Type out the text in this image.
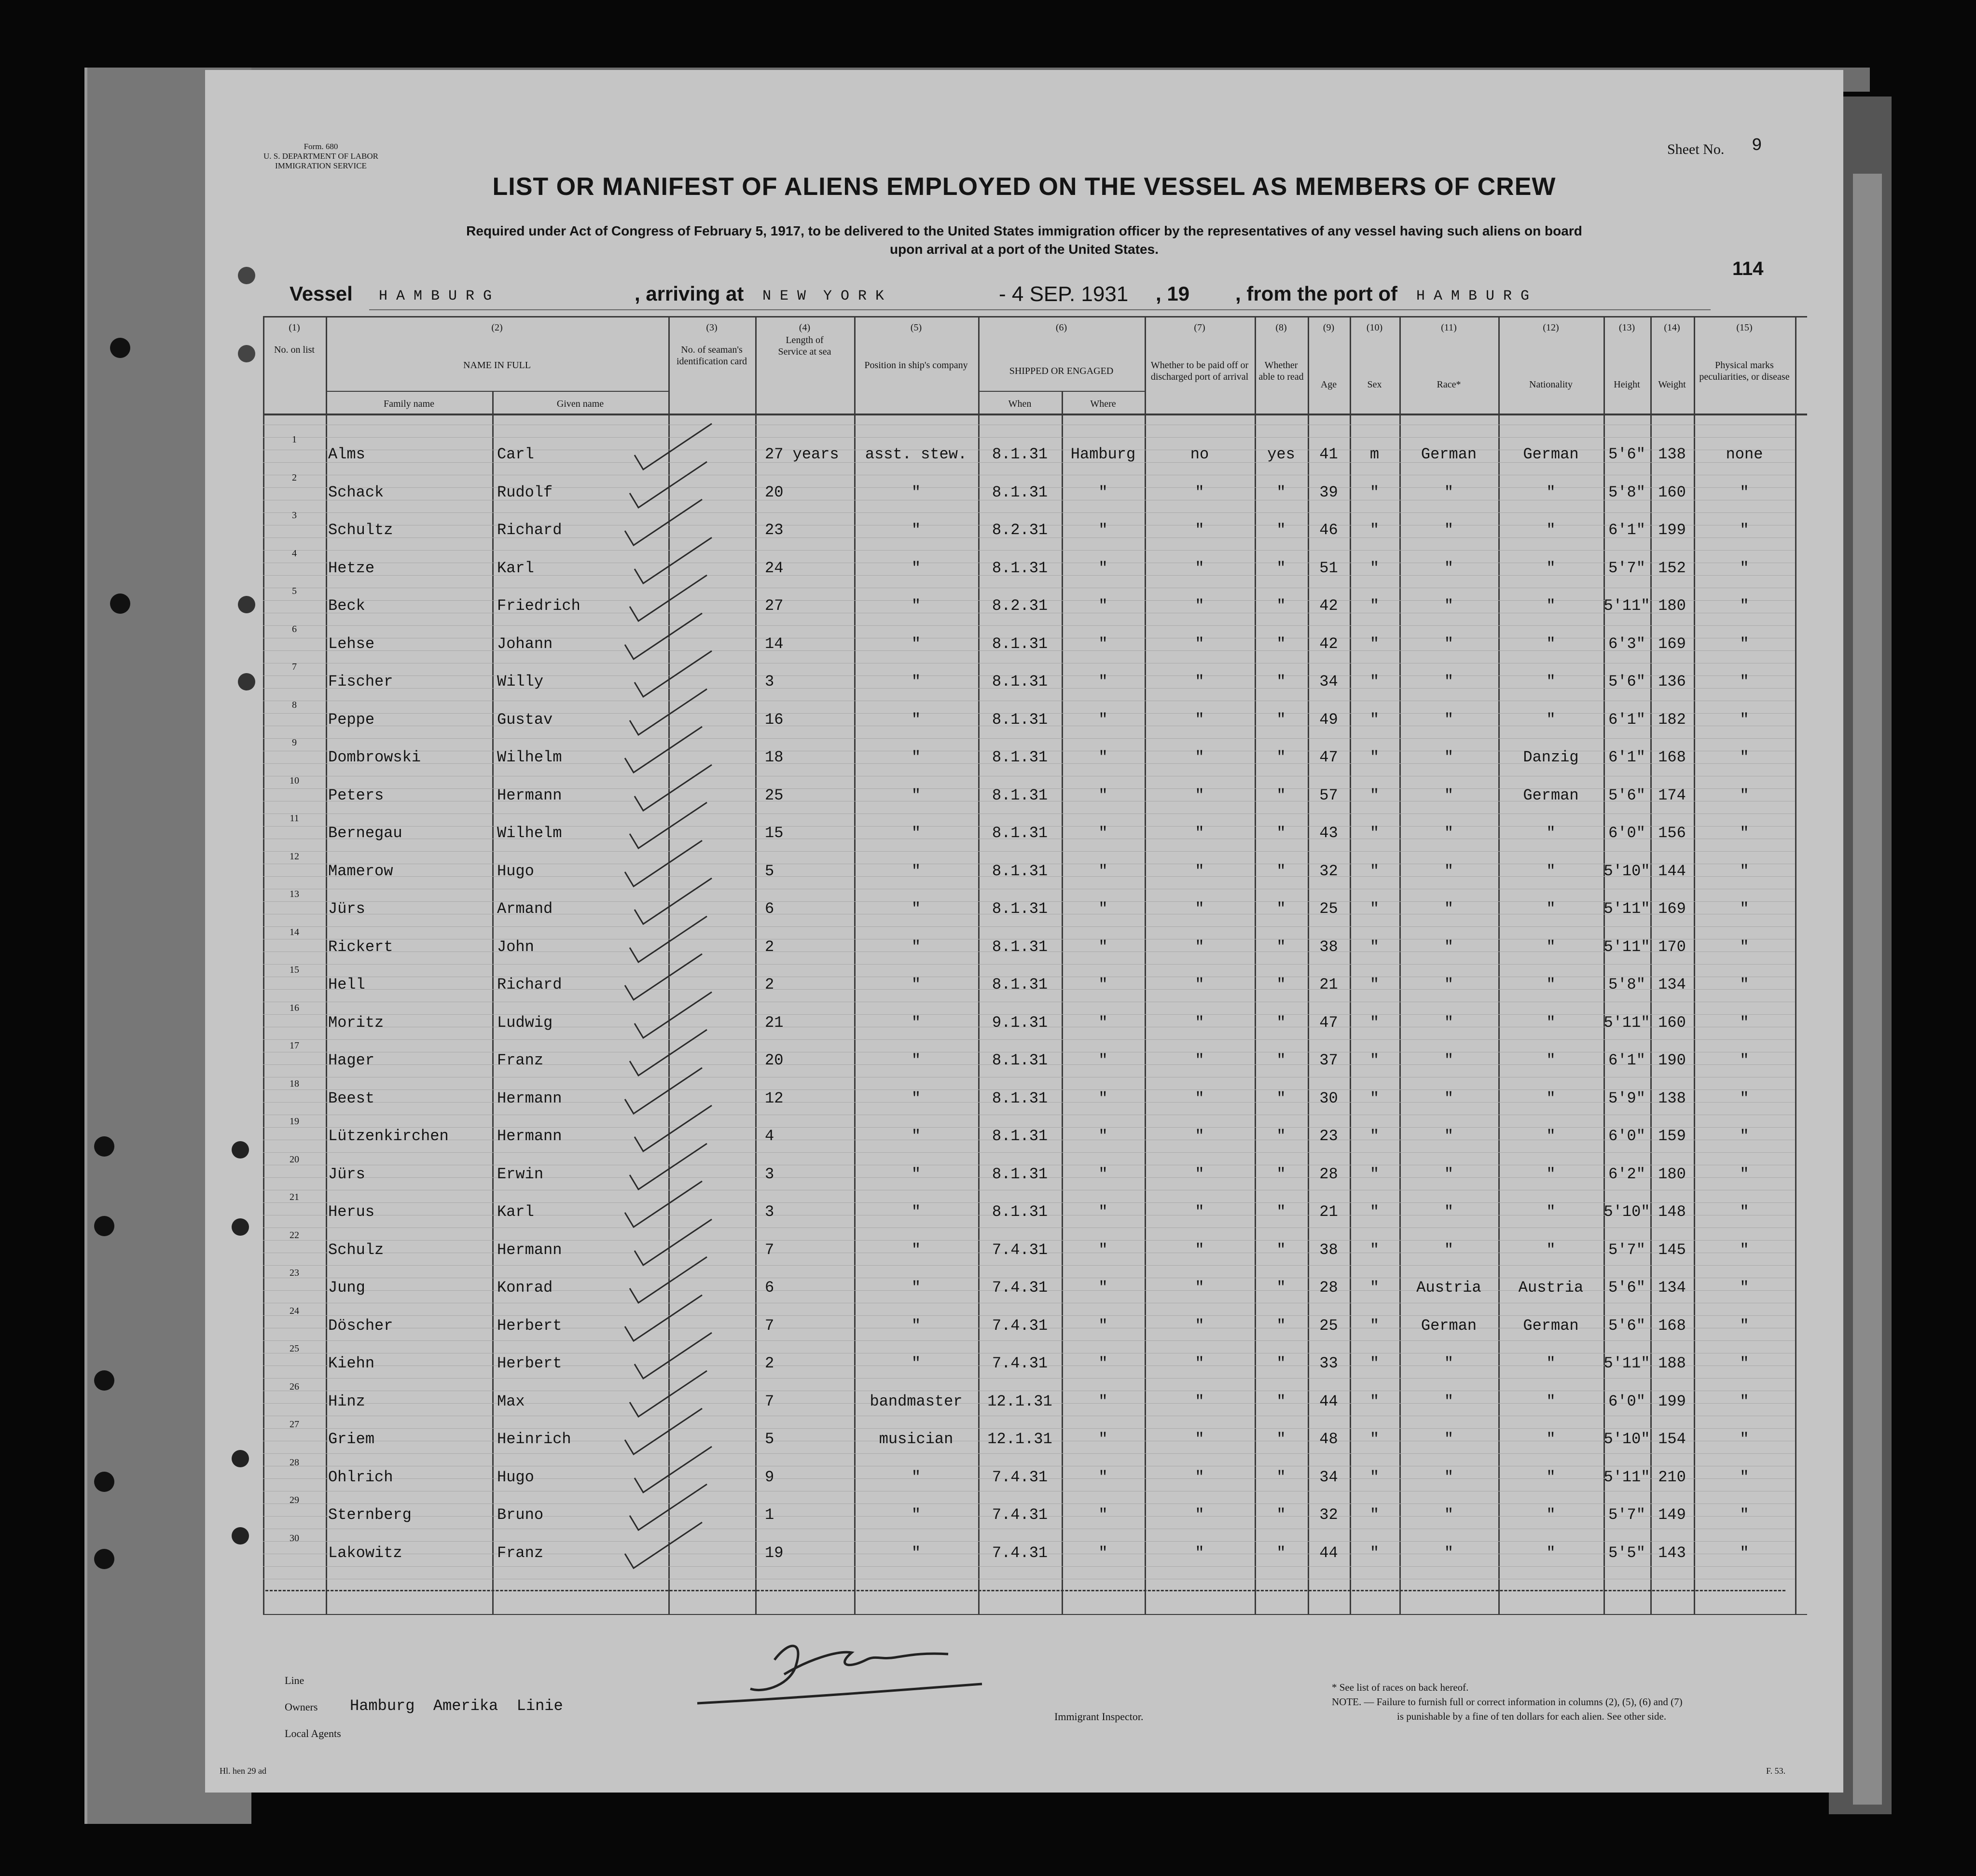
Form. 680
U. S. DEPARTMENT OF LABOR
IMMIGRATION SERVICE
Sheet No. 9
LIST OR MANIFEST OF ALIENS EMPLOYED ON THE VESSEL AS MEMBERS OF CREW
Required under Act of Congress of February 5, 1917, to be delivered to the United States immigration officer by the representatives of any vessel having such aliens on board
upon arrival at a port of the United States.
114
Vessel H A M B U R G	, arriving at N E W  Y O R K	- 4 SEP. 1931 , 19 , from the port of H A M B U R G
(1)
No. on list
(2)
NAME IN FULL
Family name	Given name
(3)
No. of seaman's identification card
(4)
Length of Service at sea
(5)
Position in ship's company
(6)
SHIPPED OR ENGAGED
When	Where
(7)
Whether to be paid off or discharged port of arrival
(8)
Whether able to read
(9)
Age
(10)
Sex
(11)
Race*
(12)
Nationality
(13)
Height
(14)
Weight
(15)
Physical marks peculiarities, or disease
1
Alms	Carl	27 years	asst. stew.	8.1.31	Hamburg	no	yes	41	m	German	German	5'6" 138	none
2
Schack	Rudolf	20	"	8.1.31	"	"	"	39	"	"	"	5'8" 160	"
3
Schultz	Richard	23	"	8.2.31	"	"	"	46	"	"	"	6'1" 199	"
4
Hetze	Karl	24	"	8.1.31	"	"	"	51	"	"	"	5'7" 152	"
5
Beck	Friedrich	27	"	8.2.31	"	"	"	42	"	"	"	5'11" 180	"
6
Lehse	Johann	14	"	8.1.31	"	"	"	42	"	"	"	6'3" 169	"
7
Fischer	Willy	3	"	8.1.31	"	"	"	34	"	"	"	5'6" 136	"
8
Peppe	Gustav	16	"	8.1.31	"	"	"	49	"	"	"	6'1" 182	"
9
Dombrowski	Wilhelm	18	"	8.1.31	"	"	"	47	"	"	Danzig	6'1" 168	"
10
Peters	Hermann	25	"	8.1.31	"	"	"	57	"	"	German	5'6" 174	"
11
Bernegau	Wilhelm	15	"	8.1.31	"	"	"	43	"	"	"	6'0" 156	"
12
Mamerow	Hugo	5	"	8.1.31	"	"	"	32	"	"	"	5'10" 144	"
13
Jürs	Armand	6	"	8.1.31	"	"	"	25	"	"	"	5'11" 169	"
14
Rickert	John	2	"	8.1.31	"	"	"	38	"	"	"	5'11" 170	"
15
Hell	Richard	2	"	8.1.31	"	"	"	21	"	"	"	5'8" 134	"
16
Moritz	Ludwig	21	"	9.1.31	"	"	"	47	"	"	"	5'11" 160	"
17
Hager	Franz	20	"	8.1.31	"	"	"	37	"	"	"	6'1" 190	"
18
Beest	Hermann	12	"	8.1.31	"	"	"	30	"	"	"	5'9" 138	"
19
Lützenkirchen	Hermann	4	"	8.1.31	"	"	"	23	"	"	"	6'0" 159	"
20
Jürs	Erwin	3	"	8.1.31	"	"	"	28	"	"	"	6'2" 180	"
21
Herus	Karl	3	"	8.1.31	"	"	"	21	"	"	"	5'10" 148	"
22
Schulz	Hermann	7	"	7.4.31	"	"	"	38	"	"	"	5'7" 145	"
23
Jung	Konrad	6	"	7.4.31	"	"	"	28	"	Austria	Austria	5'6" 134	"
24
Döscher	Herbert	7	"	7.4.31	"	"	"	25	"	German	German	5'6" 168	"
25
Kiehn	Herbert	2	"	7.4.31	"	"	"	33	"	"	"	5'11" 188	"
26
Hinz	Max	7	bandmaster	12.1.31	"	"	"	44	"	"	"	6'0" 199	"
27
Griem	Heinrich	5	musician	12.1.31	"	"	"	48	"	"	"	5'10" 154	"
28
Ohlrich	Hugo	9	"	7.4.31	"	"	"	34	"	"	"	5'11" 210	"
29
Sternberg	Bruno	1	"	7.4.31	"	"	"	32	"	"	"	5'7" 149	"
30
Lakowitz	Franz	19	"	7.4.31	"	"	"	44	"	"	"	5'5" 143	"
Line
Owners Hamburg  Amerika  Linie
Local Agents
Immigrant Inspector.
* See list of races on back hereof.
NOTE. — Failure to furnish full or correct information in columns (2), (5), (6) and (7)
is punishable by a fine of ten dollars for each alien. See other side.
Hl. hen 29 ad	F. 53.
